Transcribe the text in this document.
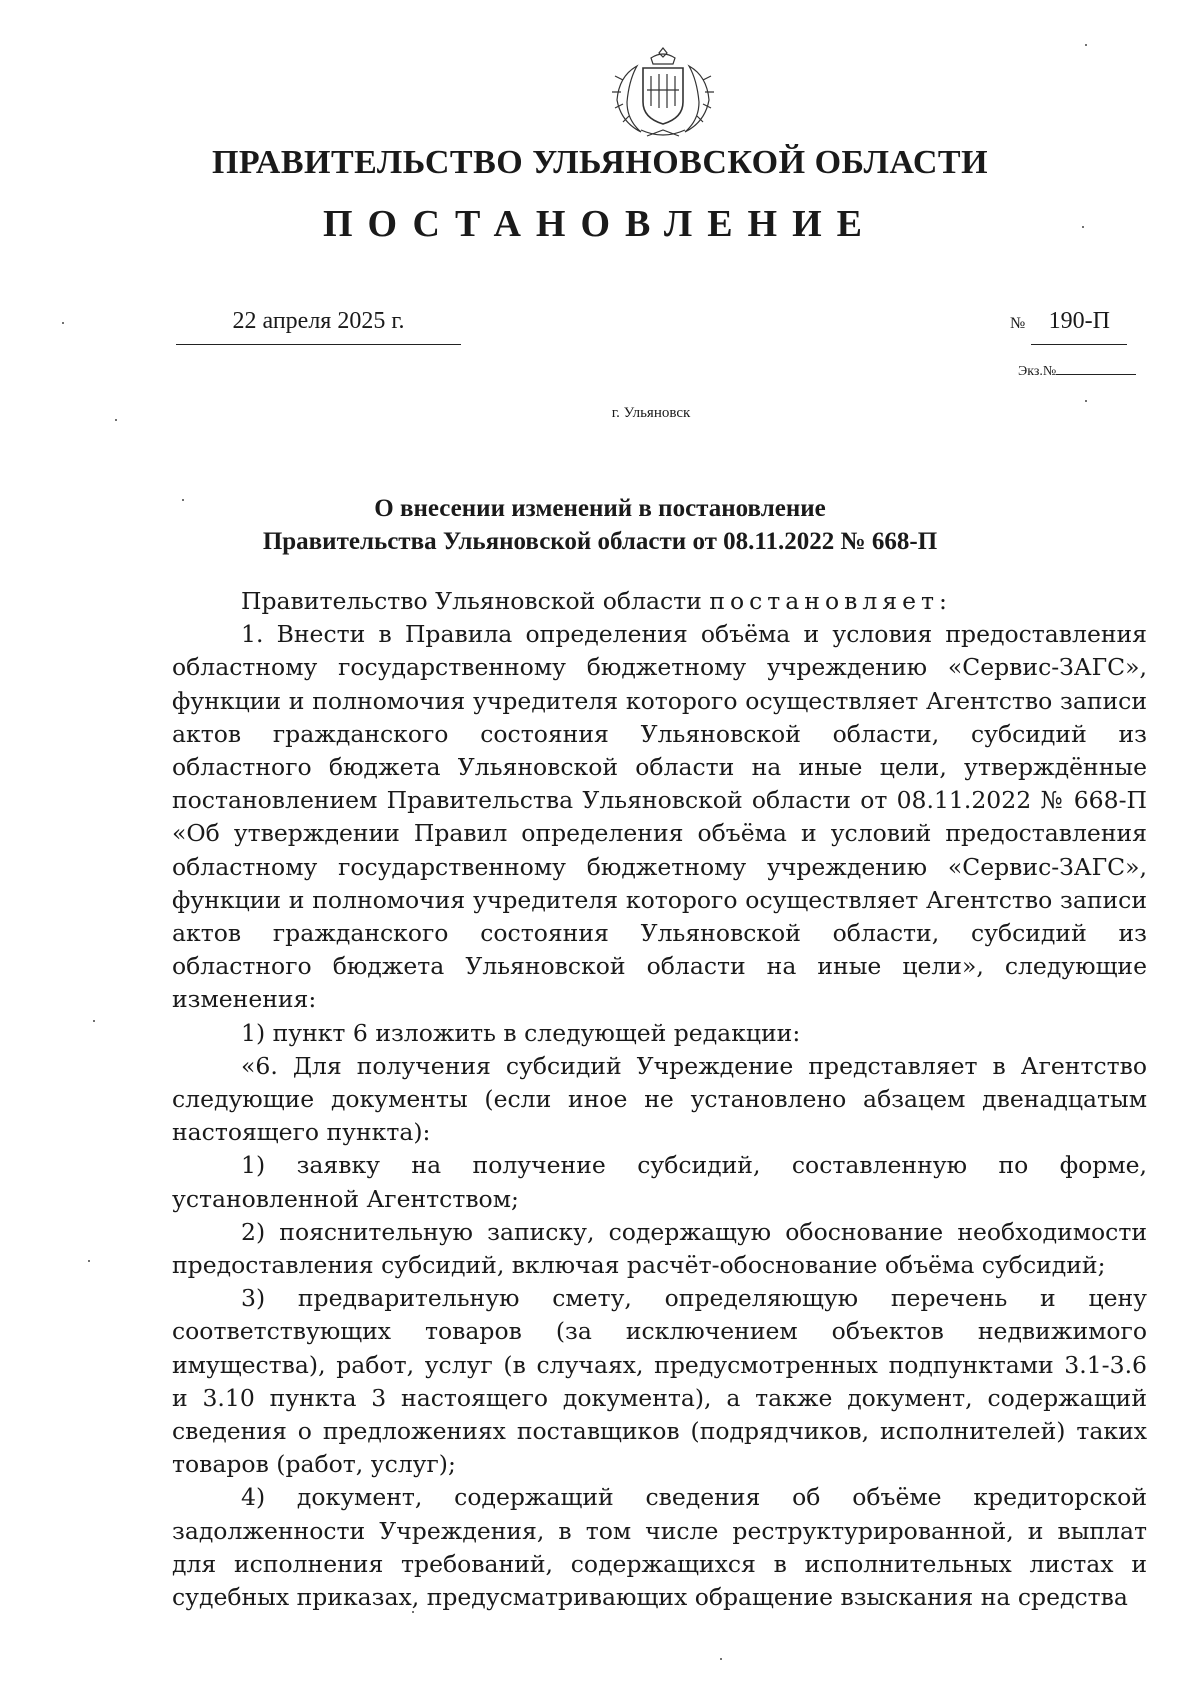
ПРАВИТЕЛЬСТВО УЛЬЯНОВСКОЙ ОБЛАСТИ
ПОСТАНОВЛЕНИЕ
22 апреля 2025 г.	№ 190-П
Экз.№
г. Ульяновск
О внесении изменений в постановление
Правительства Ульяновской области от 08.11.2022 № 668-П

Правительство Ульяновской области постановляет:

1. Внести в Правила определения объёма и условия предоставления областному государственному бюджетному учреждению «Сервис-ЗАГС», функции и полномочия учредителя которого осуществляет Агентство записи актов гражданского состояния Ульяновской области, субсидий из областного бюджета Ульяновской области на иные цели, утверждённые постановлением Правительства Ульяновской области от 08.11.2022 № 668-П «Об утверждении Правил определения объёма и условий предоставления областному государственному бюджетному учреждению «Сервис-ЗАГС», функции и полномочия учредителя которого осуществляет Агентство записи актов гражданского состояния Ульяновской области, субсидий из областного бюджета Ульяновской области на иные цели», следующие изменения:

1) пункт 6 изложить в следующей редакции:

«6. Для получения субсидий Учреждение представляет в Агентство следующие документы (если иное не установлено абзацем двенадцатым настоящего пункта):

1) заявку на получение субсидий, составленную по форме, установленной Агентством;

2) пояснительную записку, содержащую обоснование необходимости предоставления субсидий, включая расчёт-обоснование объёма субсидий;

3) предварительную смету, определяющую перечень и цену соответствующих товаров (за исключением объектов недвижимого имущества), работ, услуг (в случаях, предусмотренных подпунктами 3.1-3.6 и 3.10 пункта 3 настоящего документа), а также документ, содержащий сведения о предложениях поставщиков (подрядчиков, исполнителей) таких товаров (работ, услуг);

4) документ, содержащий сведения об объёме кредиторской задолженности Учреждения, в том числе реструктурированной, и выплат для исполнения требований, содержащихся в исполнительных листах и судебных приказах, предусматривающих обращение взыскания на средства
